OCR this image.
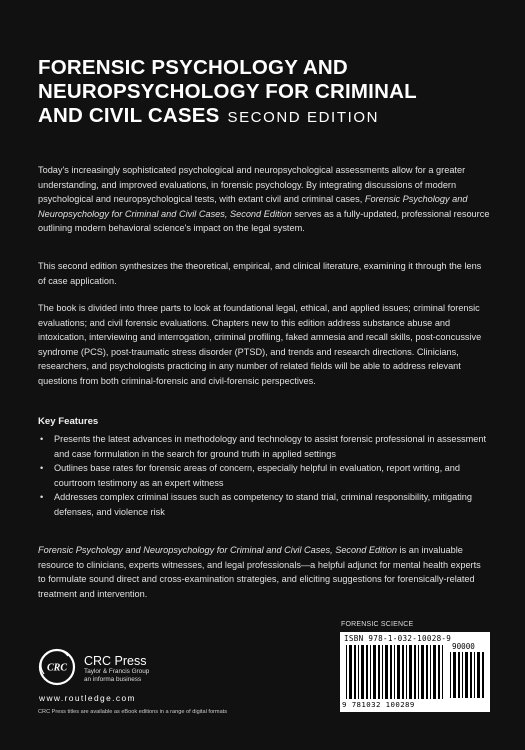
FORENSIC PSYCHOLOGY AND
NEUROPSYCHOLOGY FOR CRIMINAL
AND CIVIL CASES SECOND EDITION
Today's increasingly sophisticated psychological and neuropsychological assessments allow for a greater understanding, and improved evaluations, in forensic psychology. By integrating discussions of modern psychological and neuropsychological tests, with extant civil and criminal cases, Forensic Psychology and Neuropsychology for Criminal and Civil Cases, Second Edition serves as a fully-updated, professional resource outlining modern behavioral science's impact on the legal system.
This second edition synthesizes the theoretical, empirical, and clinical literature, examining it through the lens of case application.
The book is divided into three parts to look at foundational legal, ethical, and applied issues; criminal forensic evaluations; and civil forensic evaluations. Chapters new to this edition address substance abuse and intoxication, interviewing and interrogation, criminal profiling, faked amnesia and recall skills, post-concussive syndrome (PCS), post-traumatic stress disorder (PTSD), and trends and research directions. Clinicians, researchers, and psychologists practicing in any number of related fields will be able to address relevant questions from both criminal-forensic and civil-forensic perspectives.
Key Features
• Presents the latest advances in methodology and technology to assist forensic professional in assessment and case formulation in the search for ground truth in applied settings
• Outlines base rates for forensic areas of concern, especially helpful in evaluation, report writing, and courtroom testimony as an expert witness
• Addresses complex criminal issues such as competency to stand trial, criminal responsibility, mitigating defenses, and violence risk
Forensic Psychology and Neuropsychology for Criminal and Civil Cases, Second Edition is an invaluable resource to clinicians, experts witnesses, and legal professionals—a helpful adjunct for mental health experts to formulate sound direct and cross-examination strategies, and eliciting suggestions for forensically-related treatment and intervention.
CRC CRC Press
Taylor & Francis Group
an informa business
www.routledge.com
CRC Press titles are available as eBook editions in a range of digital formats
FORENSIC SCIENCE
ISBN 978-1-032-10028-9
90000
9 781032 100289
